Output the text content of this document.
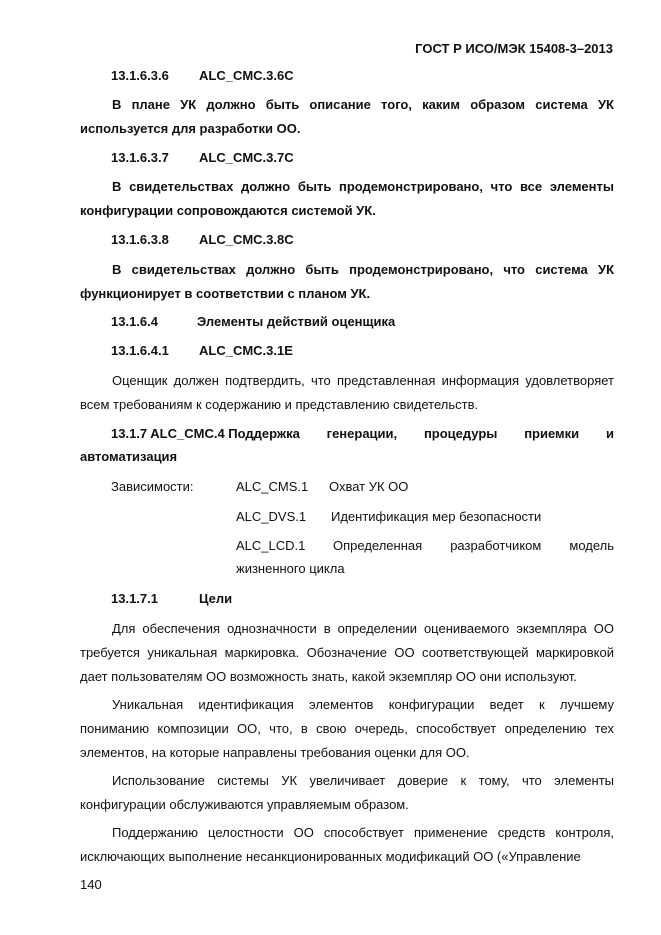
ГОСТ Р ИСО/МЭК 15408-3–2013
13.1.6.3.6 ALC_CMC.3.6C
В плане УК должно быть описание того, каким образом система УК используется для разработки ОО.
13.1.6.3.7 ALC_CMC.3.7C
В свидетельствах должно быть продемонстрировано, что все элементы конфигурации сопровождаются системой УК.
13.1.6.3.8 ALC_CMC.3.8C
В свидетельствах должно быть продемонстрировано, что система УК функционирует в соответствии с планом УК.
13.1.6.4	Элементы действий оценщика
13.1.6.4.1 ALC_CMC.3.1E
Оценщик должен подтвердить, что представленная информация удовлетворяет всем требованиям к содержанию и представлению свидетельств.
13.1.7 ALC_CMC.4 Поддержка генерации, процедуры приемки и
автоматизация
Зависимости:	ALC_CMS.1 Охват УК ОО
ALC_DVS.1 Идентификация мер безопасности
ALC_LCD.1 Определенная разработчиком модель
жизненного цикла
13.1.7.1	Цели
Для обеспечения однозначности в определении оцениваемого экземпляра ОО требуется уникальная маркировка. Обозначение ОО соответствующей маркировкой дает пользователям ОО возможность знать, какой экземпляр ОО они используют.
Уникальная идентификация элементов конфигурации ведет к лучшему пониманию композиции ОО, что, в свою очередь, способствует определению тех элементов, на которые направлены требования оценки для ОО.
Использование системы УК увеличивает доверие к тому, что элементы конфигурации обслуживаются управляемым образом.
Поддержанию целостности ОО способствует применение средств контроля, исключающих выполнение несанкционированных модификаций ОО («Управление
140
